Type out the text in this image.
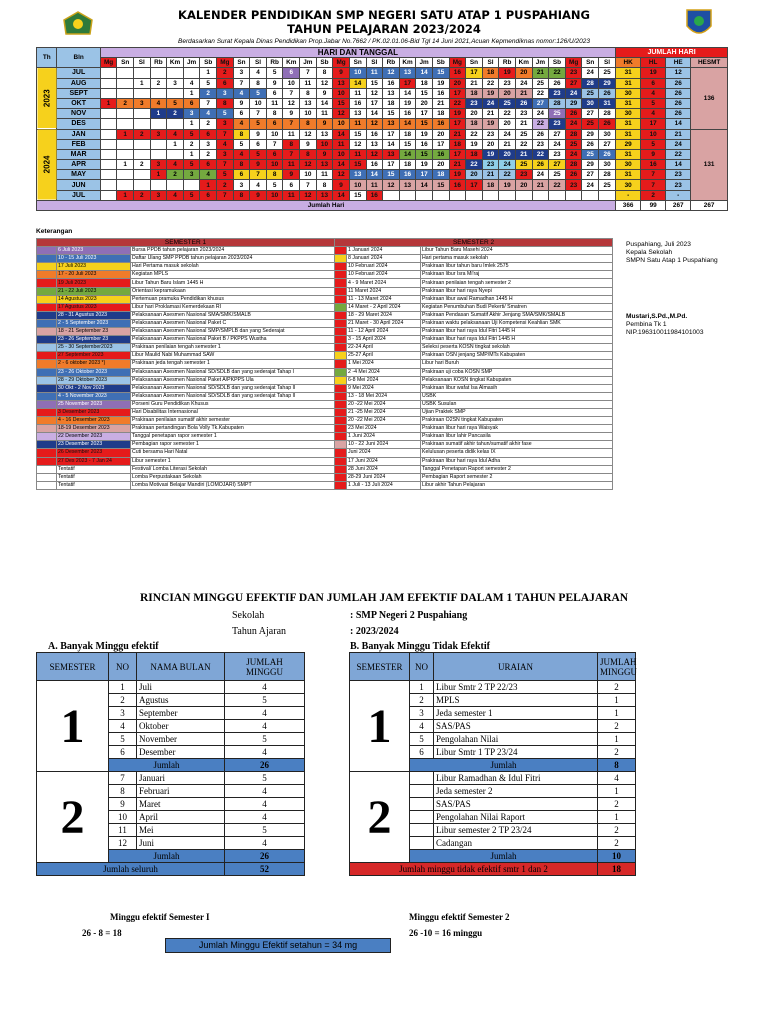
KALENDER PENDIDIKAN SMP NEGERI SATU ATAP 1 PUSPAHIANG
TAHUN PELAJARAN 2023/2024
Berdasarkan Surat Kepala Dinas Pendidikan Prop.Jabar No.7662 / PK.02.01.06-Bid Tgl 14 Juni 2021,Acuan Kepmendiknas nomor:126/U/2023
Th	Bln	HARI DAN TANGGAL																															JUMLAH HARI			
		Mg	Sn	Sl	Rb	Km	Jm	Sb	Mg	Sn	Sl	Rb	Km	Jm	Sb	Mg	Sn	Sl	Rb	Km	Jm	Sb	Mg	Sn	Sl	Rb	Km	Jm	Sb	Mg	Sn	Sl	HK	HL	HE	HESMT
2023	JUL							1	2	3	4	5	6	7	8	9	10	11	12	13	14	15	16	17	18	19	20	21	22	23	24	25	31	19	12	136
	AUG			1	2	3	4	5	6	7	8	9	10	11	12	13	14	15	16	17	18	19	20	21	22	23	24	25	26	27	28	29	31	6	26	
	SEPT						1	2	3	4	5	6	7	8	9	10	11	12	13	14	15	16	17	18	19	20	21	22	23	24	25	26	30	4	26	
	OKT	1	2	3	4	5	6	7	8	9	10	11	12	13	14	15	16	17	18	19	20	21	22	23	24	25	26	27	28	29	30	31	31	5	26	
	NOV				1	2	3	4	5	6	7	8	9	10	11	12	13	14	15	16	17	18	19	20	21	22	23	24	25	26	27	28	30	4	26	
	DES						1	2	3	4	5	6	7	8	9	10	11	12	13	14	15	16	17	18	19	20	21	22	23	24	25	26	31	17	14	
2024	JAN		1	2	3	4	5	6	7	8	9	10	11	12	13	14	15	16	17	18	19	20	21	22	23	24	25	26	27	28	29	30	31	10	21	131
	FEB					1	2	3	4	5	6	7	8	9	10	11	12	13	14	15	16	17	18	19	20	21	22	23	24	25	26	27	29	5	24	
	MAR						1	2	3	4	5	6	7	8	9	10	11	12	13	14	15	16	17	18	19	20	21	22	23	24	25	26	31	9	22	
	APR		1	2	3	4	5	6	7	8	9	10	11	12	13	14	15	16	17	18	19	20	21	22	23	24	25	26	27	28	29	30	30	16	14	
	MAY				1	2	3	4	5	6	7	8	9	10	11	12	13	14	15	16	17	18	19	20	21	22	23	24	25	26	27	28	31	7	23	
	JUN							1	2	3	4	5	6	7	8	9	10	11	12	13	14	15	16	17	18	19	20	21	22	23	24	25	30	7	23	
	JUL		1	2	3	4	5	6	7	8	9	10	11	12	13	14	15	16															-	2	-	
Jumlah Hari																																	366	99	267	267
Keterangan
SEMESTER 1			SEMESTER 2		
	6 Juli 2023	Bursa PPDB tahun pelajaran 2023/2024		1 Januari 2024	Libur Tahun Baru Masehi 2024
	10 - 15 Juli 2023	Daftar Ulang SMP PPDB tahun pelajaran 2023/2024		8 Januari 2024	Hari pertama masuk sekolah
	17 Juli 2023	Hari Pertama masuk sekolah		10 Februari 2024	Prakiraan libur tahun baru Imlek 2575
	17 - 20 Juli 2023	Kegiatan MPLS		10 Februari 2024	Prakiraan libur Isra Mi'raj
	19 Juli 2023	Libur Tahun Baru Islam 1445 H		4 - 9 Maret 2024	Prakiraan penilaian tengah semester 2
	21 - 22 Juli 2023	Orientasi kepramukaan		11 Maret 2024	Prakiraan libur hari raya Nyepi
	14 Agustus 2023	Pertemuan pramuka Pendidikan khusus		11 - 13 Maret 2024	Prakiraan libur awal Ramadhan 1445 H
	17 Agustus 2023	Libur hari Proklamasi Kemerdekaan RI		14 Maret - 2 April 2024	Kegiatan Penumbuhan Budi Pekerti/ Smatren
	28 - 31 Agustus 2023	Pelaksanaan Asesmen Nasional SMA/SMK/SMALB		18 - 29 Maret 2024	Prakiraan Pendasan Sumatif Akhir Jenjang SMA/SMK/SMALB
	2 - 5 September 2023	Pelaksanaan Asesmen Nasional Paket C		21 Maret - 30 April 2024	Prakiraan waktu pelaksanaan Uji Kompetensi Keahlian SMK
	18 - 21 September 23	Pelaksanaan Asesmen Nasional SMP/SMPLB dan yang Sederajat		11 - 12 April 2024	Prakiraan libur hari raya Idul Fitri 1445 H
	23 - 26 September 23	Pelaksanaan Asesmen Nasional Paket B / PKPPS Wustha		3 - 15 April 2024	Prakiraan libur hari raya Idul Fitri 1445 H
	25 - 30 September2023	Prakiraan penilaian tengah semester 1		22-24 April	Seleksi peserta KOSN tingkat sekolah
	27 September 2023	Libur Maulid Nabi Muhammad SAW		25-27 April	Prakiraan OSN jenjang SMP/MTs Kabupaten
	2 - 6 oktober 2023 *)	Prakiraan jeda tengah semester 1		1 Mei 2024	Libur hari Buruh
	23 - 26 Oktober 2023	Pelaksanaan Asesmen Nasional SD/SDLB dan yang sederajat Tahap I		2 -4 Mei 2024	Prakiraan uji coba KOSN SMP
	28 - 29 Oktober 2023	Pelaksanaan Asesmen Nasional Paket A/PKPPS Ula		6-8 Mei 2024	Pelaksanaan KOSN tingkat Kabupaten
	30 Okt - 2 Nov 2023	Pelaksanaan Asesmen Nasional SD/SDLB dan yang sederajat Tahap II		9 Mei 2024	Prakiraan libur wafat Isa Almasih
	4 - 5 November 2023	Pelaksanaan Asesmen Nasional SD/SDLB dan yang sederajat Tahap II		13 - 18 Mei 2024	USBK
	25 November 2023	Porseni Guru Pendidikan Khusus		20 -22 Mei 2024	USBK Susulan
	3 Desember 2023	Hari Disabilitas Internasional		21 -25 Mei 2024	Ujian Praktek SMP
	4 - 16 Desember 2023	Prakiraan penilaian sumatif akhir semester		20 -22 Mei 2024	Prakiraan O2SN tingkat Kabupaten
	18-19 Desember 2023	Prakiraan pertandingan Bola Volly Tk.Kabupaten		23 Mei 2024	Prakiraan libur hari raya Waisyak
	22 Desember 2023	Tanggal penetapan rapor semester 1		1 Juni 2024	Prakiraan libur lahir Pancasila
	23 Desember 2023	Pembagian rapor semester 1		10 - 22 Juni 2024	Prakiraan sumatif akhir tahun/sumatif akhir fase
	26 Desember 2023	Cuti bersama Hari Natal		Juni 2024	Kelulusan peserta didik kelas IX
	27 Des 2023 - 7 Jan 24	Libur semester 1		17 Juni 2024	Prakiraan libur hari raya Idul Adha
	Tentatif	Festival/ Lomba Literasi Sekolah		28 Juni 2024	Tanggal Penetapan Raport semester 2
	Tentatif	Lomba Perpustakaan Sekolah		28-29 Juni 2024	Pembagian Raport semester 2
	Tentatif	Lomba Motivasi Belajar Mandiri (LOMOJARI) SMPT		1 Juli - 13 Juli 2024	Libur akhir Tahun Pelajaran
Puspahiang, Juli 2023
Kepala Sekolah
SMPN Satu Atap 1 Puspahiang
Mustari,S.Pd.,M.Pd.
Pembina Tk 1
NIP.196310011984101003
RINCIAN MINGGU EFEKTIF DAN JUMLAH JAM EFEKTIF DALAM 1 TAHUN PELAJARAN
Sekolah	: SMP Negeri 2 Puspahiang
Tahun Ajaran	: 2023/2024
A. Banyak Minggu efektif	B. Banyak Minggu Tidak Efektif
SEMESTER	NO	NAMA BULAN	JUMLAH MINGGU
1	1	Juli	4
	2	Agustus	5
	3	September	4
	4	Oktober	4
	5	November	5
	6	Desember	4
	Jumlah		26
2	7	Januari	5
	8	Februari	4
	9	Maret	4
	10	April	4
	11	Mei	5
	12	Juni	4
	Jumlah		26
Jumlah seluruh			52
SEMESTER	NO	URAIAN	JUMLAH MINGGU
1	1	Libur Smtr 2 TP 22/23	2
	2	MPLS	1
	3	Jeda semester 1	1
	4	SAS/PAS	2
	5	Pengolahan Nilai	1
	6	Libur Smtr 1 TP 23/24	2
	Jumlah		8
2		Libur Ramadhan & Idul Fitri	4
		Jeda semester 2	1
		SAS/PAS	2
		Pengolahan Nilai Raport	1
		Libur semester 2 TP 23/24	2
		Cadangan	2
	Jumlah		10
Jumlah minggu tidak efektif smtr 1 dan 2			18
Minggu efektif Semester I
26 - 8 = 18
Minggu efektif Semester 2
26 -10 = 16 minggu
Jumlah Minggu Efektif setahun = 34 mg
